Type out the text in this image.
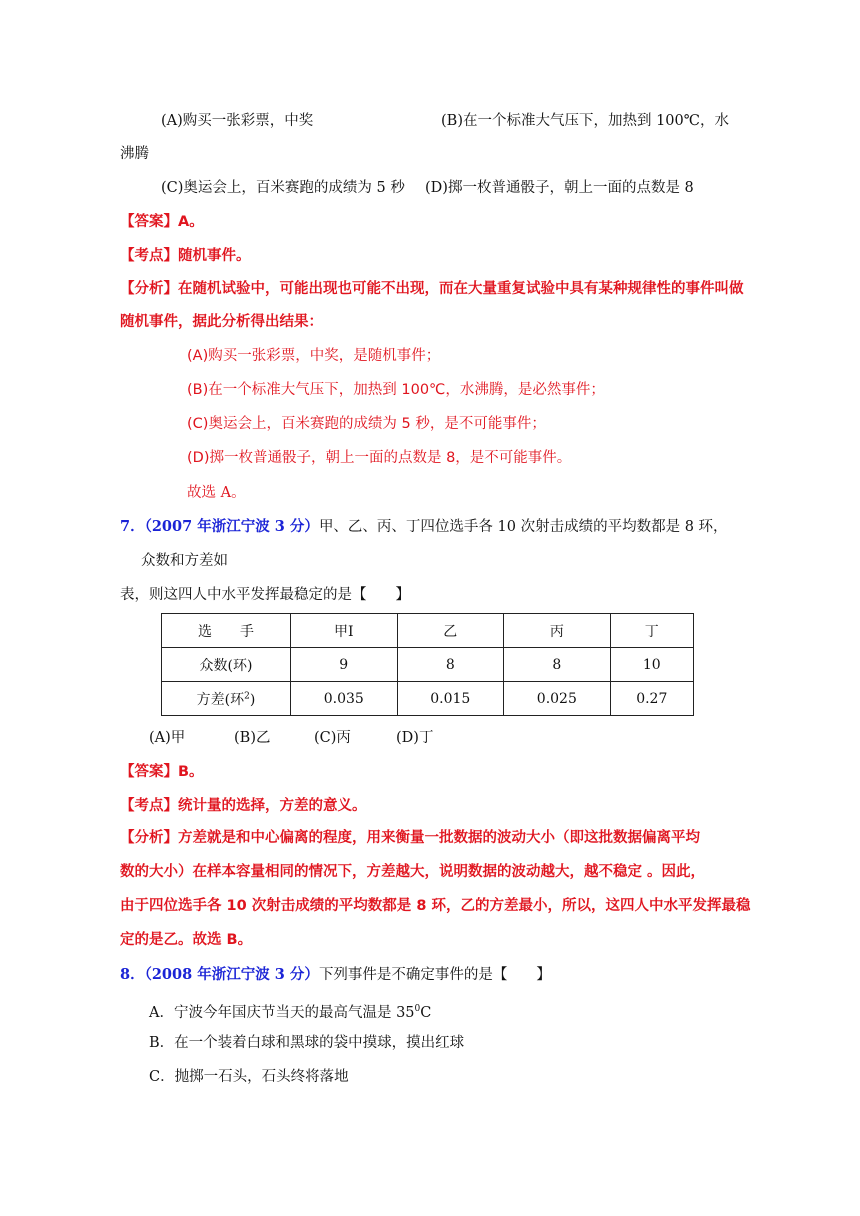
(A)购买一张彩票，中奖	(B)在一个标准大气压下，加热到 100℃，水
沸腾
(C)奥运会上，百米赛跑的成绩为 5 秒 (D)掷一枚普通骰子，朝上一面的点数是 8
【答案】A。
【考点】随机事件。
【分析】在随机试验中，可能出现也可能不出现，而在大量重复试验中具有某种规律性的事件叫做
随机事件，据此分析得出结果：
(A)购买一张彩票，中奖，是随机事件；
(B)在一个标准大气压下，加热到 100℃，水沸腾，是必然事件；
(C)奥运会上，百米赛跑的成绩为 5 秒，是不可能事件；
(D)掷一枚普通骰子，朝上一面的点数是 8，是不可能事件。
故选 A。
7．（2007 年浙江宁波 3 分）甲、乙、丙、丁四位选手各 10 次射击成绩的平均数都是 8 环，
众数和方差如
表，则这四人中水平发挥最稳定的是【　　】
选　　手	甲I	乙	丙	丁
众数(环)	9	8	8	10
方差(环$^2$)	0.035	0.015	0.025	0.27
(A)甲	(B)乙	(C)丙	(D)丁
【答案】B。
【考点】统计量的选择，方差的意义。
【分析】方差就是和中心偏离的程度，用来衡量一批数据的波动大小（即这批数据偏离平均
数的大小）在样本容量相同的情况下，方差越大，说明数据的波动越大，越不稳定 。因此，
由于四位选手各 10 次射击成绩的平均数都是 8 环，乙的方差最小，所以，这四人中水平发挥最稳
定的是乙。故选 B。
8．（2008 年浙江宁波 3 分）下列事件是不确定事件的是【　　】
A．宁波今年国庆节当天的最高气温是 $35^0C$
B．在一个装着白球和黑球的袋中摸球，摸出红球
C．抛掷一石头，石头终将落地
